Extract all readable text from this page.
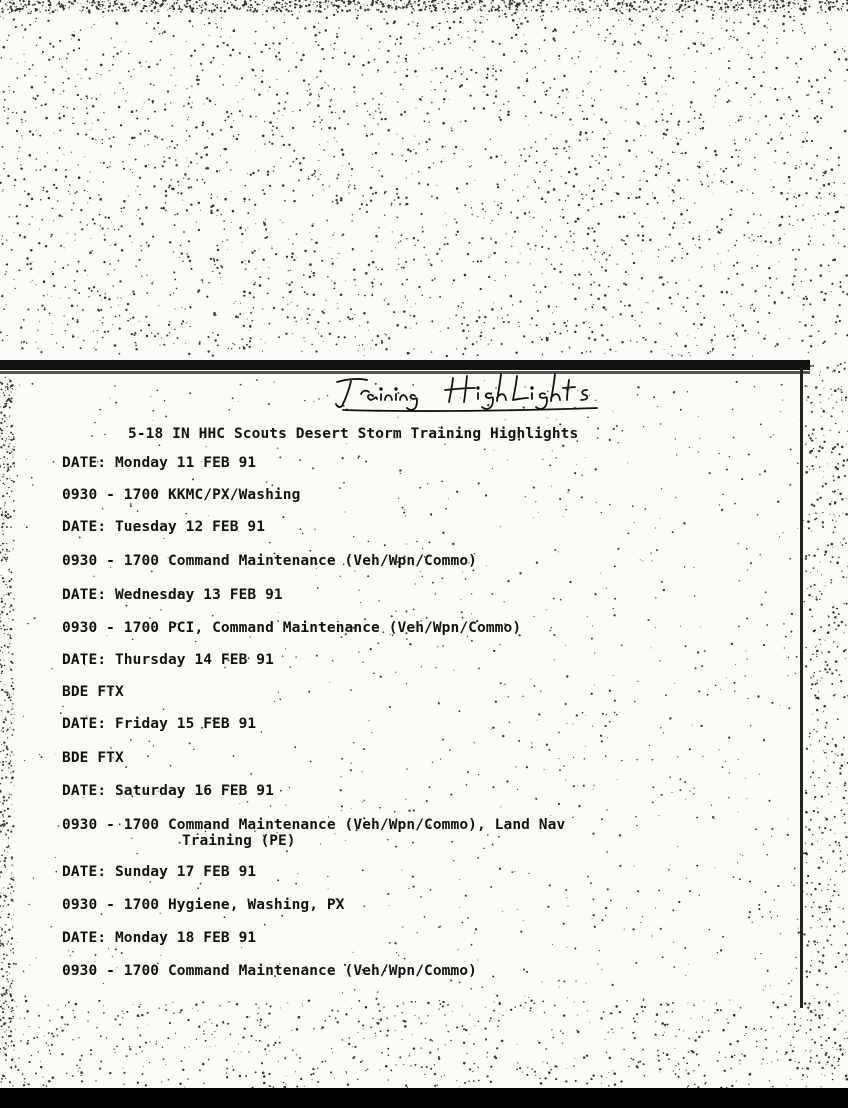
5-18 IN HHC Scouts Desert Storm Training Highlights
DATE: Monday 11 FEB 91
0930 - 1700 KKMC/PX/Washing
DATE: Tuesday 12 FEB 91
0930 - 1700 Command Maintenance (Veh/Wpn/Commo)
DATE: Wednesday 13 FEB 91
0930 - 1700 PCI, Command Maintenance (Veh/Wpn/Commo)
DATE: Thursday 14 FEB 91
BDE FTX
DATE: Friday 15 FEB 91
BDE FTX
DATE: Saturday 16 FEB 91
0930 - 1700 Command Maintenance (Veh/Wpn/Commo), Land Nav
Training (PE)
DATE: Sunday 17 FEB 91
0930 - 1700 Hygiene, Washing, PX
DATE: Monday 18 FEB 91
0930 - 1700 Command Maintenance (Veh/Wpn/Commo)
